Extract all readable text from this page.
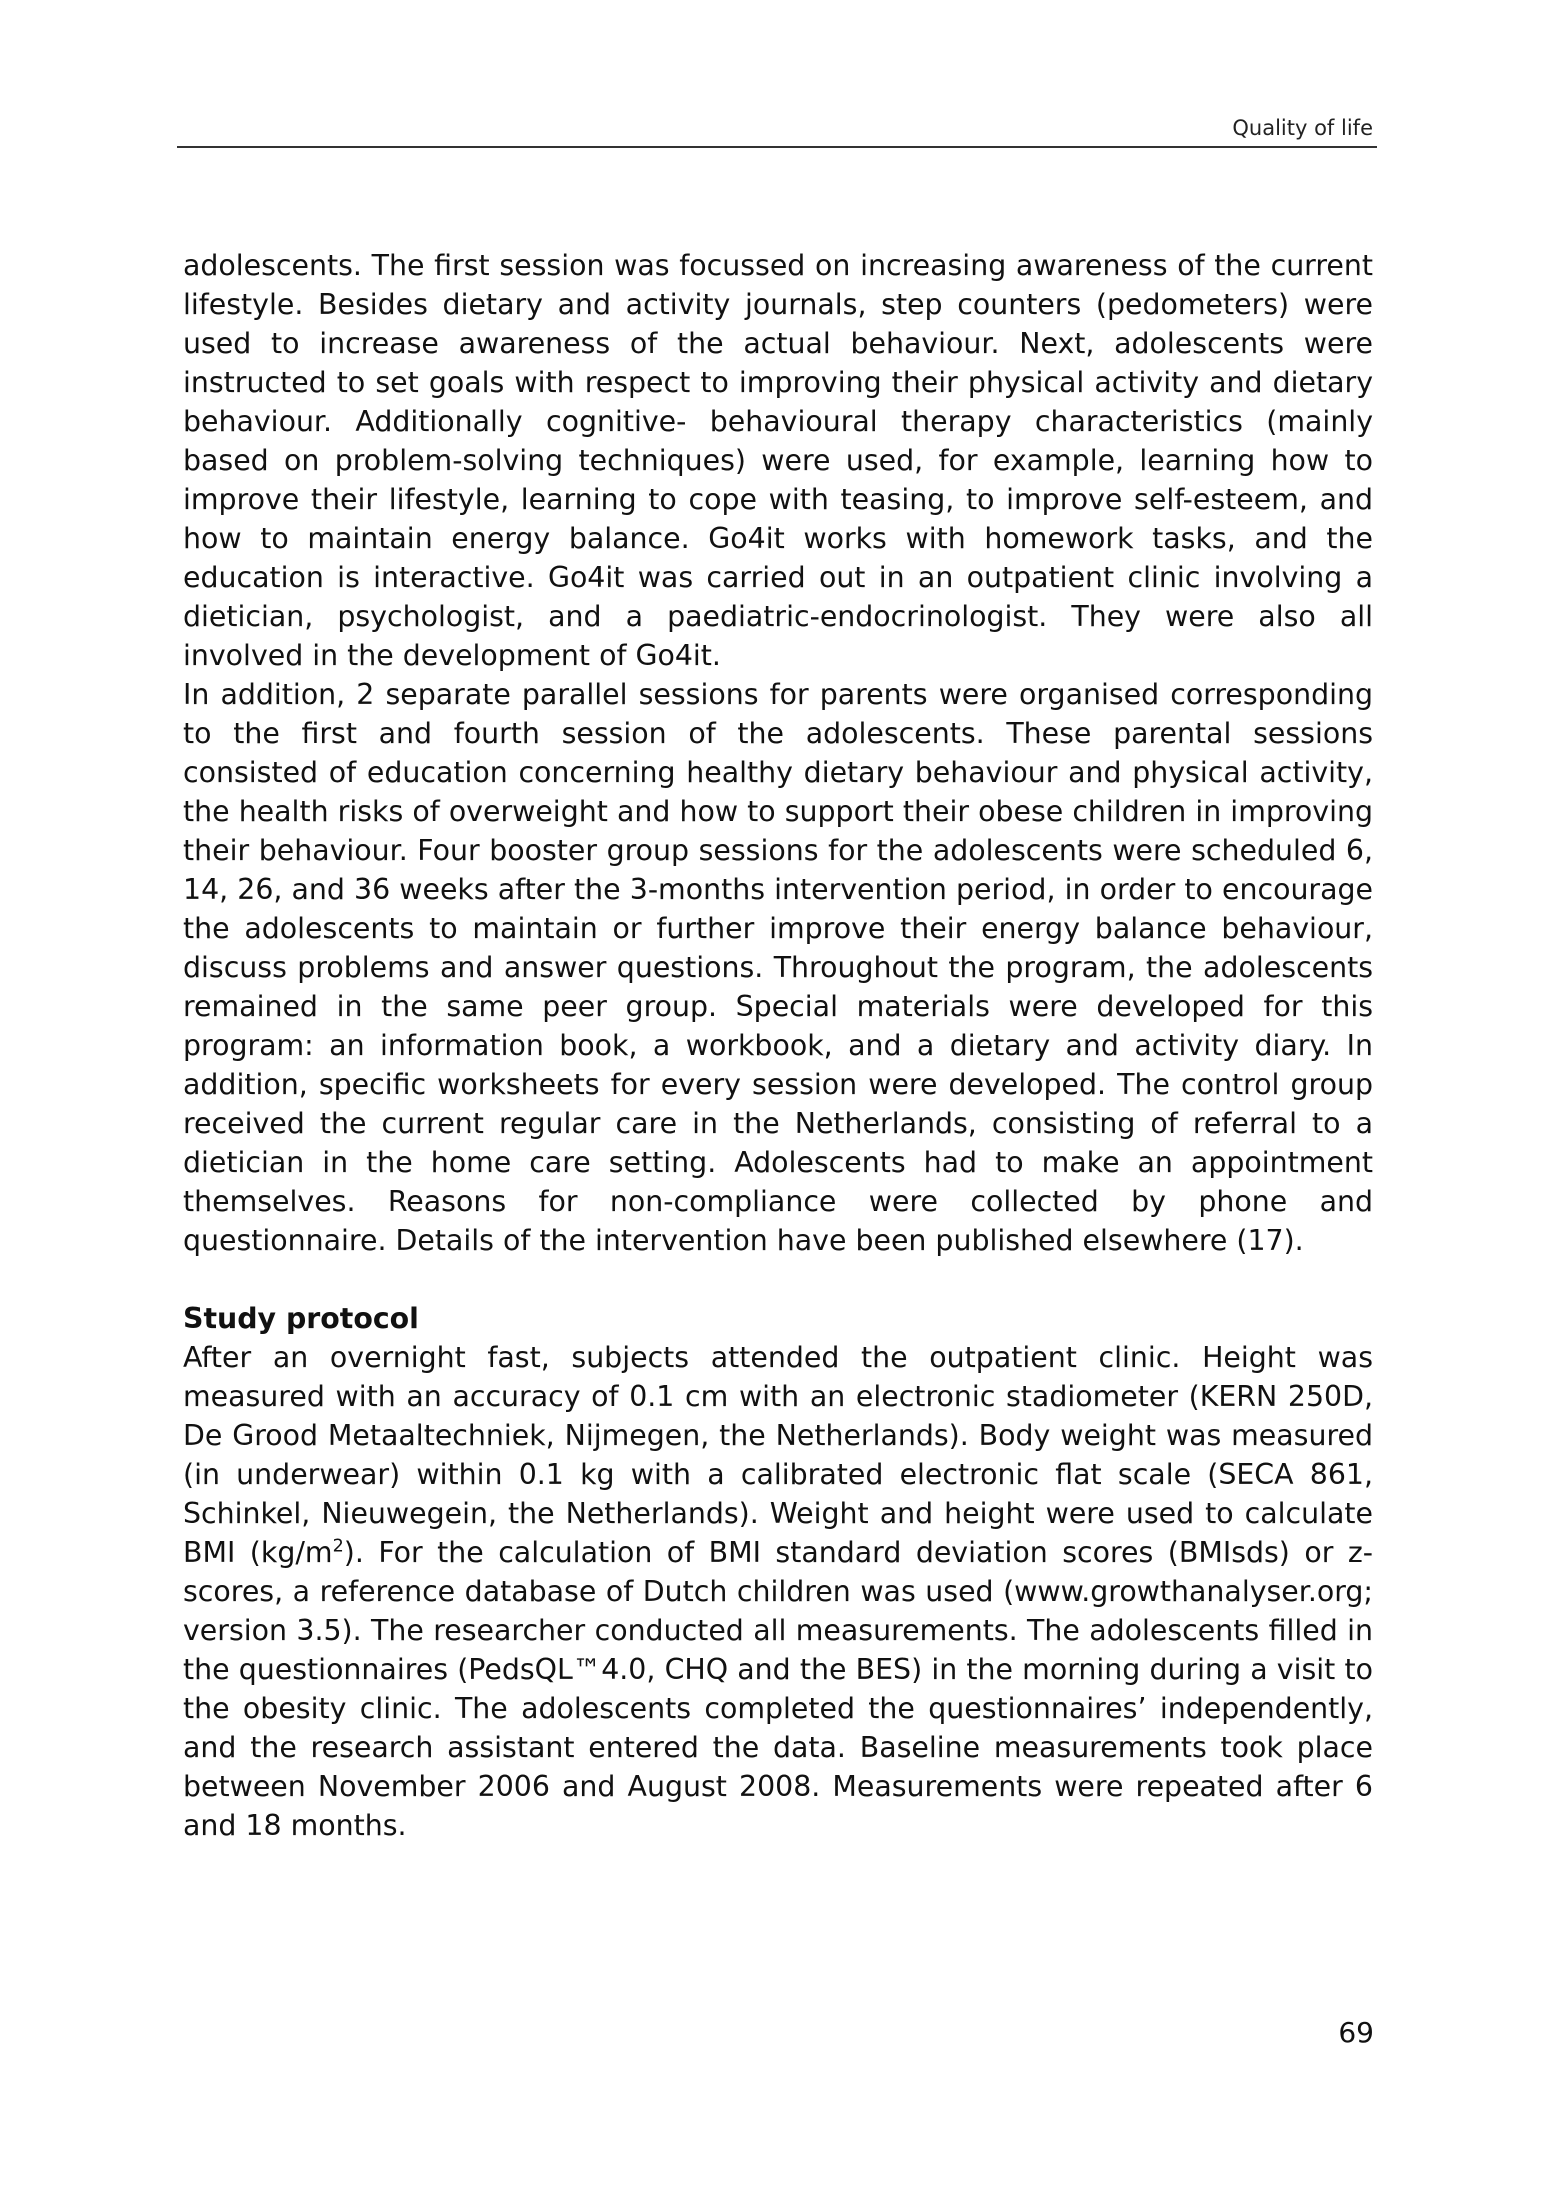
Quality of life

adolescents. The first session was focussed on increasing awareness of the current lifestyle. Besides dietary and activity journals, step counters (pedometers) were used to increase awareness of the actual behaviour. Next, adolescents were instructed to set goals with respect to improving their physical activity and dietary behaviour. Additionally cognitive- behavioural therapy characteristics (mainly based on problem-solving techniques) were used, for example, learning how to improve their lifestyle, learning to cope with teasing, to improve self-esteem, and how to maintain energy balance. Go4it works with homework tasks, and the education is interactive. Go4it was carried out in an outpatient clinic involving a dietician, psychologist, and a paediatric-endocrinologist. They were also all involved in the development of Go4it.

In addition, 2 separate parallel sessions for parents were organised corresponding to the first and fourth session of the adolescents. These parental sessions consisted of education concerning healthy dietary behaviour and physical activity, the health risks of overweight and how to support their obese children in improving their behaviour. Four booster group sessions for the adolescents were scheduled 6, 14, 26, and 36 weeks after the 3-months intervention period, in order to encourage the adolescents to maintain or further improve their energy balance behaviour, discuss problems and answer questions. Throughout the program, the adolescents remained in the same peer group. Special materials were developed for this program: an information book, a workbook, and a dietary and activity diary. In addition, specific worksheets for every session were developed. The control group received the current regular care in the Netherlands, consisting of referral to a dietician in the home care setting. Adolescents had to make an appointment themselves. Reasons for non-compliance were collected by phone and questionnaire. Details of the intervention have been published elsewhere (17).

Study protocol

After an overnight fast, subjects attended the outpatient clinic. Height was measured with an accuracy of 0.1 cm with an electronic stadiometer (KERN 250D, De Grood Metaaltechniek, Nijmegen, the Netherlands). Body weight was measured (in underwear) within 0.1 kg with a calibrated electronic flat scale (SECA 861, Schinkel, Nieuwegein, the Netherlands). Weight and height were used to calculate BMI $(kg/m^2)$. For the calculation of BMI standard deviation scores (BMIsds) or z-scores, a reference database of Dutch children was used (www.growthanalyser.org; version 3.5). The researcher conducted all measurements. The adolescents filled in the questionnaires (PedsQL™4.0, CHQ and the BES) in the morning during a visit to the obesity clinic. The adolescents completed the questionnaires’ independently, and the research assistant entered the data. Baseline measurements took place between November 2006 and August 2008. Measurements were repeated after 6 and 18 months.

69
